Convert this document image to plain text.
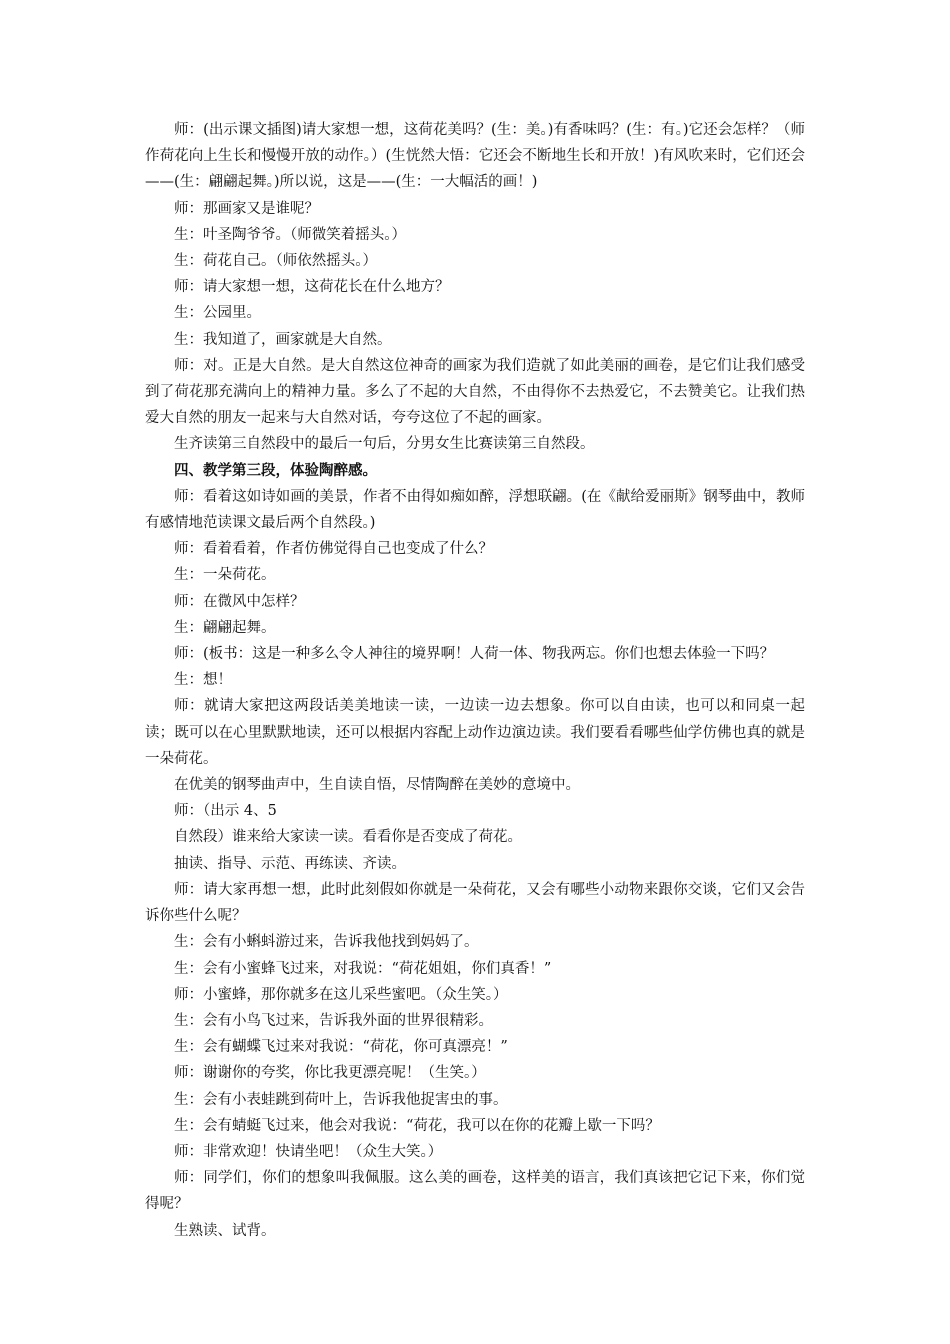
师：(出示课文插图)请大家想一想，这荷花美吗？(生：美。)有香味吗？(生：有。)它还会怎样？（师作荷花向上生长和慢慢开放的动作。）(生恍然大悟：它还会不断地生长和开放！)有风吹来时，它们还会——(生：翩翩起舞。)所以说，这是——(生：一大幅活的画！)

师：那画家又是谁呢？

生：叶圣陶爷爷。（师微笑着摇头。）

生：荷花自己。（师依然摇头。）

师：请大家想一想，这荷花长在什么地方？

生：公园里。

生：我知道了，画家就是大自然。

师：对。正是大自然。是大自然这位神奇的画家为我们造就了如此美丽的画卷，是它们让我们感受到了荷花那充满向上的精神力量。多么了不起的大自然，不由得你不去热爱它，不去赞美它。让我们热爱大自然的朋友一起来与大自然对话，夸夸这位了不起的画家。

生齐读第三自然段中的最后一句后，分男女生比赛读第三自然段。

四、教学第三段，体验陶醉感。

师：看着这如诗如画的美景，作者不由得如痴如醉，浮想联翩。(在《献给爱丽斯》钢琴曲中，教师有感情地范读课文最后两个自然段。)

师：看着看着，作者仿佛觉得自己也变成了什么？

生：一朵荷花。

师：在微风中怎样？

生：翩翩起舞。

师：(板书：这是一种多么令人神往的境界啊！人荷一体、物我两忘。你们也想去体验一下吗？

生：想！

师：就请大家把这两段话美美地读一读，一边读一边去想象。你可以自由读，也可以和同桌一起读；既可以在心里默默地读，还可以根据内容配上动作边演边读。我们要看看哪些仙学仿佛也真的就是一朵荷花。

在优美的钢琴曲声中，生自读自悟，尽情陶醉在美妙的意境中。

师：（出示 4、5

自然段）谁来给大家读一读。看看你是否变成了荷花。

抽读、指导、示范、再练读、齐读。

师：请大家再想一想，此时此刻假如你就是一朵荷花，又会有哪些小动物来跟你交谈，它们又会告诉你些什么呢？

生：会有小蝌蚪游过来，告诉我他找到妈妈了。

生：会有小蜜蜂飞过来，对我说：“荷花姐姐，你们真香！”

师：小蜜蜂，那你就多在这儿采些蜜吧。（众生笑。）

生：会有小鸟飞过来，告诉我外面的世界很精彩。

生：会有蝴蝶飞过来对我说：“荷花，你可真漂亮！”

师：谢谢你的夸奖，你比我更漂亮呢！（生笑。）

生：会有小表蛙跳到荷叶上，告诉我他捉害虫的事。

生：会有蜻蜓飞过来，他会对我说：“荷花，我可以在你的花瓣上歇一下吗？

师：非常欢迎！快请坐吧！（众生大笑。）

师：同学们，你们的想象叫我佩服。这么美的画卷，这样美的语言，我们真该把它记下来，你们觉得呢？

生熟读、试背。
